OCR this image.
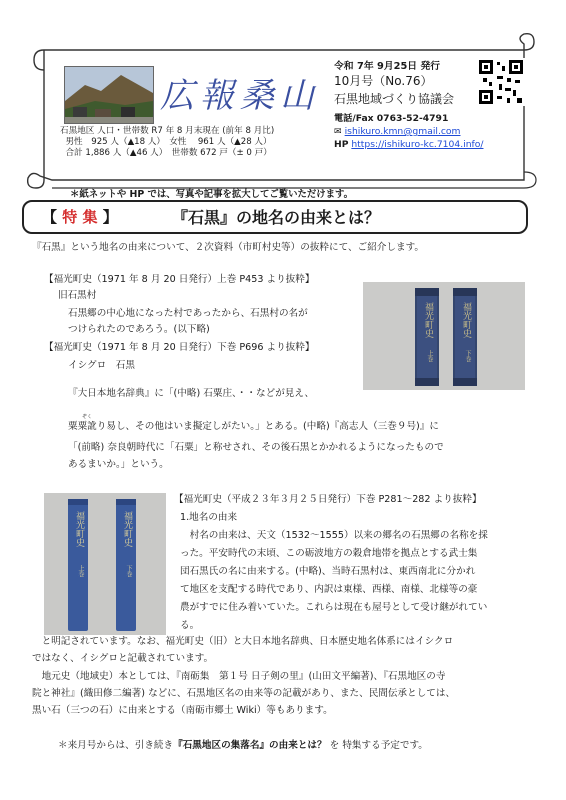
広報桑山
石黒地区 人口・世帯数 R7 年 8 月末現在 (前年 8 月比)
男性　925 人（▲18 人）　女性　 961 人（▲28 人）
合計 1,886 人（▲46 人）　世帯数 672 戸（± 0 戸）
令和 7年 9月25日 発行
10月号（No.76）
石黒地域づくり協議会
電話/Fax 0763-52-4791
✉ ishikuro.kmn@gmail.com
HP https://ishikuro-kc.7104.info/
＊紙ネットや HP では、写真や記事を拡大してご覧いただけます。
【 特 集 】	『石黒』の地名の由来とは？
『石黒』という地名の由来について、２次資料（市町村史等）の抜粋にて、ご紹介します。
【福光町史（1971 年 8 月 20 日発行）上巻 P453 より抜粋】
旧石黒村
石黒郷の中心地になった村であったから、石黒村の名が
つけられたのであろう。(以下略)
【福光町史（1971 年 8 月 20 日発行）下巻 P696 より抜粋】
イシグロ　石黒
『大日本地名辞典』に「(中略) 石粟庄、・・などが見え、
ぞく
粟粟訛り易し、その他はいま擬定しがたい。」とある。(中略)『高志人（三巻９号)』に
「(前略) 奈良朝時代に「石粟」と称せされ、その後石黒とかかれるようになったもので
あるまいか。」という。
福光町史
上巻
福光町史
下巻
福光町史
上巻
福光町史
下巻
【福光町史（平成２３年３月２５日発行）下巻 P281～282 より抜粋】
1.地名の由来
　村名の由来は、天文（1532～1555）以来の郷名の石黒郷の名称を採
った。平安時代の末頃、この砺波地方の穀倉地帯を拠点とする武士集
団石黒氏の名に由来する。(中略)、当時石黒村は、東西南北に分かれ
て地区を支配する時代であり、内訳は東様、西様、南様、北様等の豪
農がすでに住み着いていた。これらは現在も屋号として受け継がれてい
る。
　と明記されています。なお、福光町史（旧）と大日本地名辞典、日本歴史地名体系にはイシクロ
ではなく、イシグロと記載されています。
　地元史（地域史）本としては、『南砺集　第１号 日子剣の里』(山田文平編著)、『石黒地区の寺
院と神社』(織田修二編著) などに、石黒地区名の由来等の記載があり、また、民間伝承としては、
黒い石（三つの石）に由来とする（南砺市郷土 Wiki）等もあります。
＊来月号からは、引き続き『石黒地区の集落名』の由来とは？ を 特集する予定です。
